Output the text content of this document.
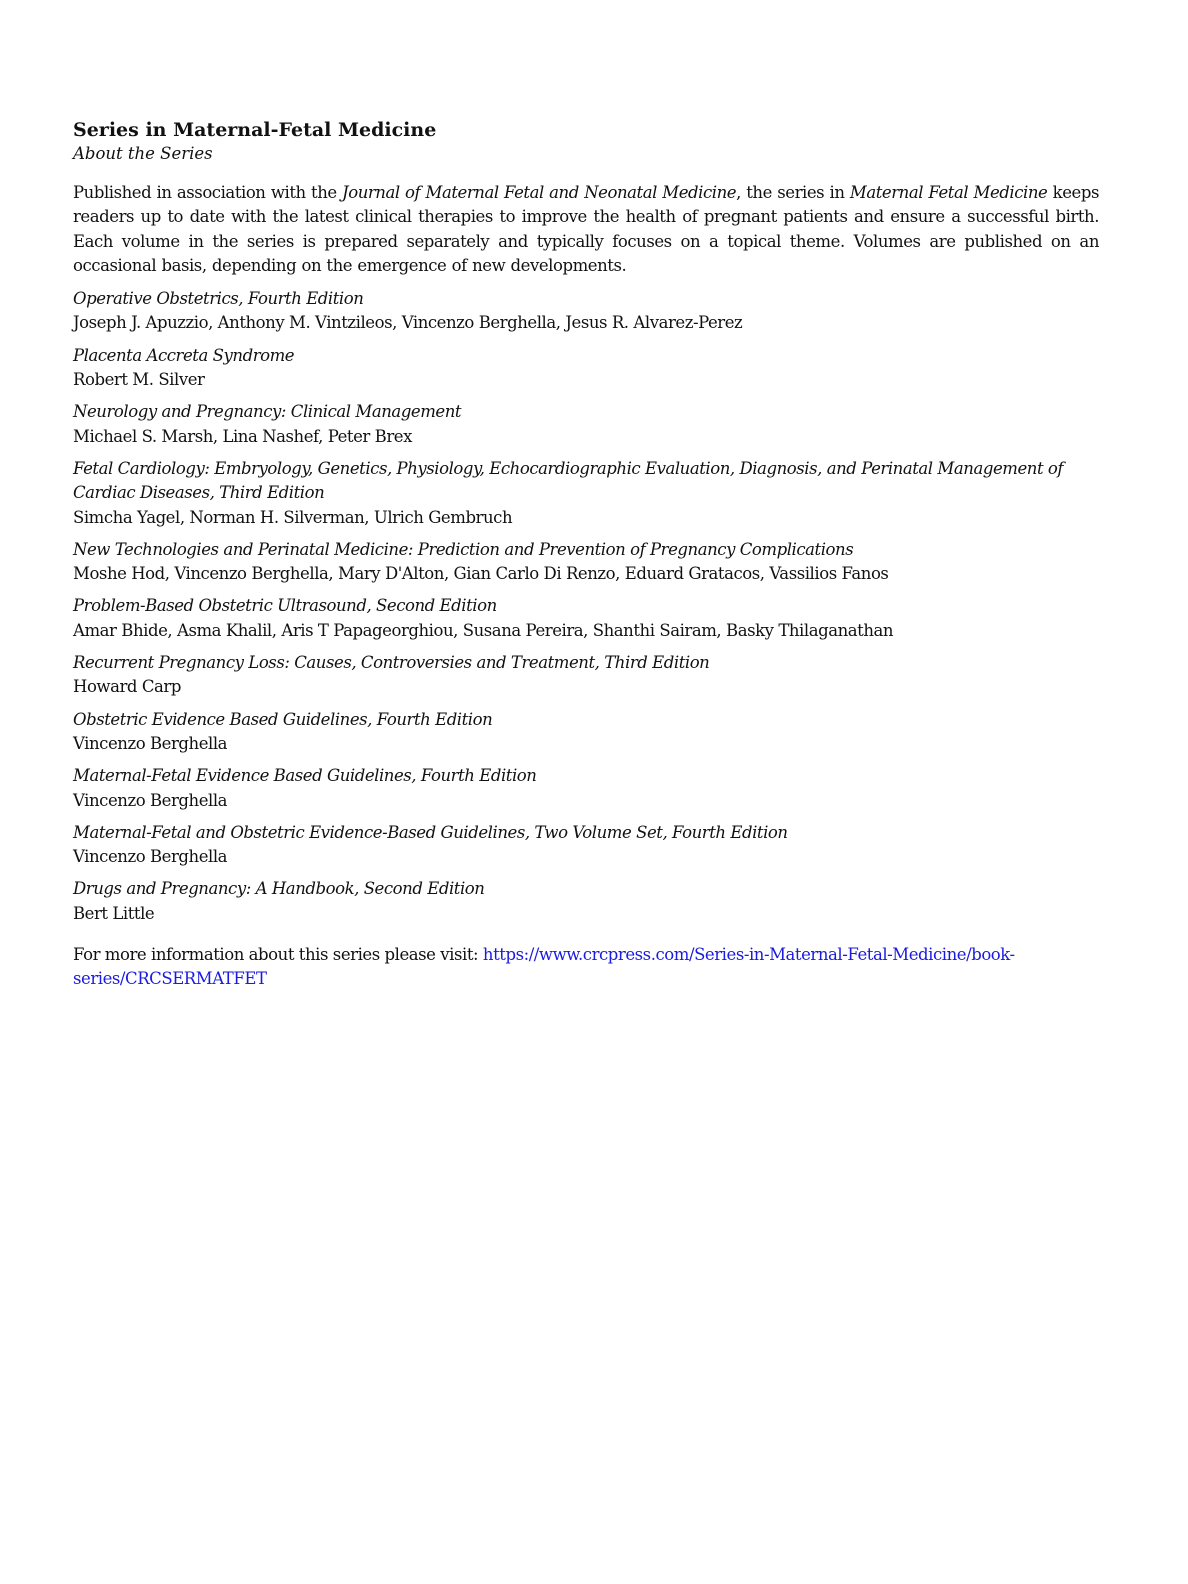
Series in Maternal-Fetal Medicine

About the Series

Published in association with the Journal of Maternal Fetal and Neonatal Medicine, the series in Maternal Fetal Medicine keeps readers up to date with the latest clinical therapies to improve the health of pregnant patients and ensure a successful birth. Each volume in the series is prepared separately and typically focuses on a topical theme. Volumes are published on an occasional basis, depending on the emergence of new developments.

Operative Obstetrics, Fourth Edition
Joseph J. Apuzzio, Anthony M. Vintzileos, Vincenzo Berghella, Jesus R. Alvarez-Perez
Placenta Accreta Syndrome
Robert M. Silver
Neurology and Pregnancy: Clinical Management
Michael S. Marsh, Lina Nashef, Peter Brex
Fetal Cardiology: Embryology, Genetics, Physiology, Echocardiographic Evaluation, Diagnosis, and Perinatal Management of Cardiac Diseases, Third Edition
Simcha Yagel, Norman H. Silverman, Ulrich Gembruch
New Technologies and Perinatal Medicine: Prediction and Prevention of Pregnancy Complications
Moshe Hod, Vincenzo Berghella, Mary D'Alton, Gian Carlo Di Renzo, Eduard Gratacos, Vassilios Fanos
Problem-Based Obstetric Ultrasound, Second Edition
Amar Bhide, Asma Khalil, Aris T Papageorghiou, Susana Pereira, Shanthi Sairam, Basky Thilaganathan
Recurrent Pregnancy Loss: Causes, Controversies and Treatment, Third Edition
Howard Carp
Obstetric Evidence Based Guidelines, Fourth Edition
Vincenzo Berghella
Maternal-Fetal Evidence Based Guidelines, Fourth Edition
Vincenzo Berghella
Maternal-Fetal and Obstetric Evidence-Based Guidelines, Two Volume Set, Fourth Edition
Vincenzo Berghella
Drugs and Pregnancy: A Handbook, Second Edition
Bert Little

For more information about this series please visit: https://www.crcpress.com/Series-in-Maternal-Fetal-Medicine/book-series/CRCSERMATFET
